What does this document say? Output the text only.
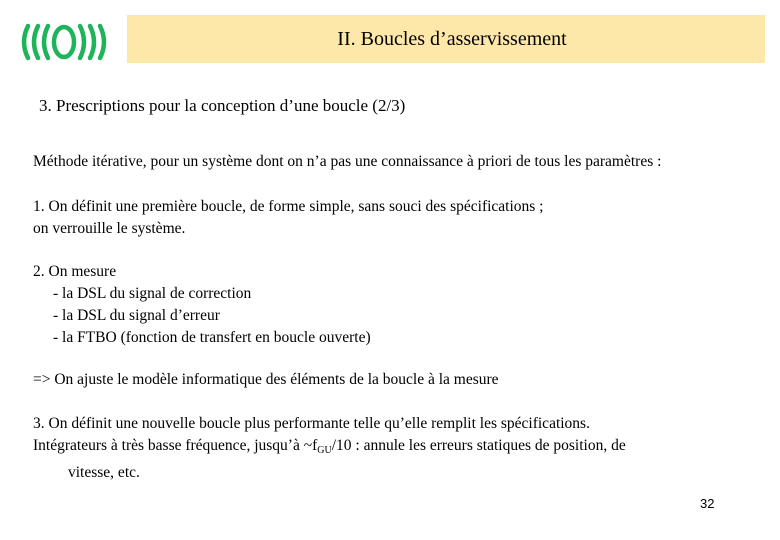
II. Boucles d’asservissement
3. Prescriptions pour la conception d’une boucle (2/3)
Méthode itérative, pour un système dont on n’a pas une connaissance à priori de tous les paramètres :
1. On définit une première boucle, de forme simple, sans souci des spécifications ;
on verrouille le système.
2. On mesure
- la DSL du signal de correction
- la DSL du signal d’erreur
- la FTBO (fonction de transfert en boucle ouverte)
=> On ajuste le modèle informatique des éléments de la boucle à la mesure
3. On définit une nouvelle boucle plus performante telle qu’elle remplit les spécifications.
Intégrateurs à très basse fréquence, jusqu’à $\sim f_{GU}/10$ : annule les erreurs statiques de position, de
vitesse, etc.
32
